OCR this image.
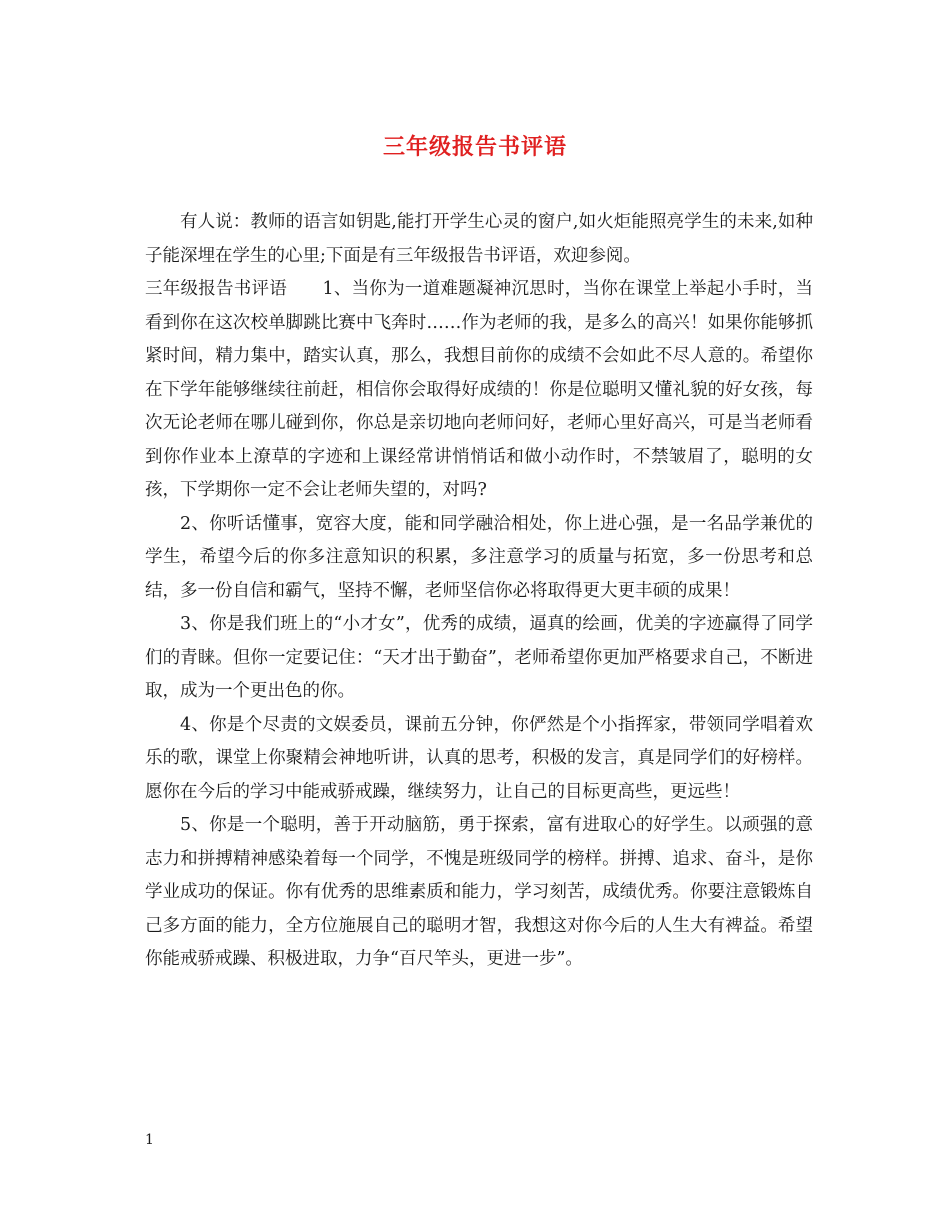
三年级报告书评语

有人说：教师的语言如钥匙,能打开学生心灵的窗户,如火炬能照亮学生的未来,如种子能深埋在学生的心里;下面是有三年级报告书评语，欢迎参阅。

三年级报告书评语　　1、当你为一道难题凝神沉思时，当你在课堂上举起小手时，当看到你在这次校单脚跳比赛中飞奔时……作为老师的我，是多么的高兴！如果你能够抓紧时间，精力集中，踏实认真，那么，我想目前你的成绩不会如此不尽人意的。希望你在下学年能够继续往前赶，相信你会取得好成绩的！你是位聪明又懂礼貌的好女孩，每次无论老师在哪儿碰到你，你总是亲切地向老师问好，老师心里好高兴，可是当老师看到你作业本上潦草的字迹和上课经常讲悄悄话和做小动作时，不禁皱眉了，聪明的女孩，下学期你一定不会让老师失望的，对吗?

2、你听话懂事，宽容大度，能和同学融洽相处，你上进心强，是一名品学兼优的学生，希望今后的你多注意知识的积累，多注意学习的质量与拓宽，多一份思考和总结，多一份自信和霸气，坚持不懈，老师坚信你必将取得更大更丰硕的成果！

3、你是我们班上的“小才女”，优秀的成绩，逼真的绘画，优美的字迹赢得了同学们的青睐。但你一定要记住：“天才出于勤奋”，老师希望你更加严格要求自己，不断进取，成为一个更出色的你。

4、你是个尽责的文娱委员，课前五分钟，你俨然是个小指挥家，带领同学唱着欢乐的歌，课堂上你聚精会神地听讲，认真的思考，积极的发言，真是同学们的好榜样。愿你在今后的学习中能戒骄戒躁，继续努力，让自己的目标更高些，更远些！

5、你是一个聪明，善于开动脑筋，勇于探索，富有进取心的好学生。以顽强的意志力和拼搏精神感染着每一个同学，不愧是班级同学的榜样。拼搏、追求、奋斗，是你学业成功的保证。你有优秀的思维素质和能力，学习刻苦，成绩优秀。你要注意锻炼自己多方面的能力，全方位施展自己的聪明才智，我想这对你今后的人生大有裨益。希望你能戒骄戒躁、积极进取，力争“百尺竿头，更进一步”。

1
